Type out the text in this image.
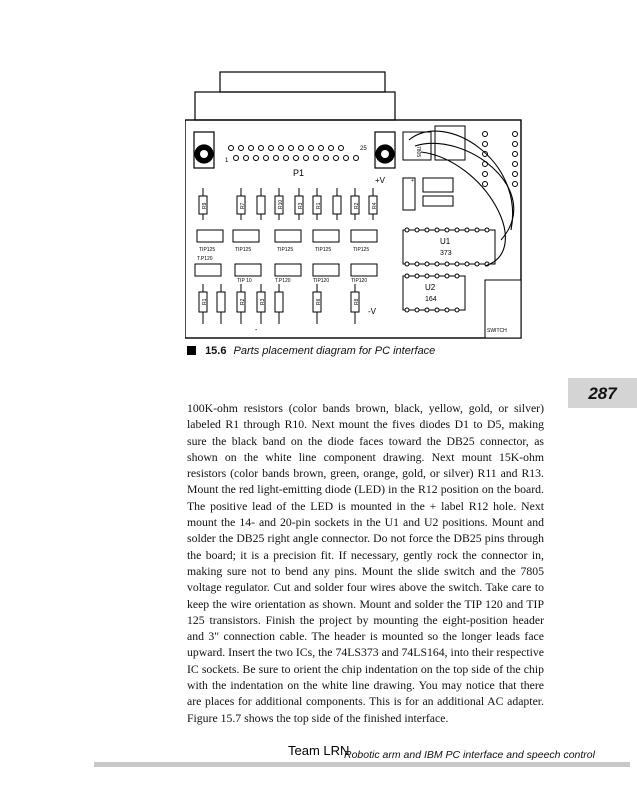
1
25
P1
+V
R9	R7	R10	R3 R1	R2 R4
TIP125	TIP125	TIP125	TIP125	TIP125
T.P120
TIP 10	T.P120	TIP120	TIP120
R1	R2	R3	R6	R8
-
-V
7805
+
SWITCH
U1
373
U2
164
15.6 Parts placement diagram for PC interface
287

100K-ohm resistors (color bands brown, black, yellow, gold, or silver) labeled R1 through R10. Next mount the fives diodes D1 to D5, making sure the black band on the diode faces toward the DB25 connector, as shown on the white line component drawing. Next mount 15K-ohm resistors (color bands brown, green, orange, gold, or silver) R11 and R13. Mount the red light-emitting diode (LED) in the R12 position on the board. The positive lead of the LED is mounted in the + label R12 hole. Next mount the 14- and 20-pin sockets in the U1 and U2 positions. Mount and solder the DB25 right angle connector. Do not force the DB25 pins through the board; it is a precision fit. If necessary, gently rock the connector in, making sure not to bend any pins. Mount the slide switch and the 7805 voltage regulator. Cut and solder four wires above the switch. Take care to keep the wire orientation as shown. Mount and solder the TIP 120 and TIP 125 transistors. Finish the project by mounting the eight-position header and 3" connection cable. The header is mounted so the longer leads face upward. Insert the two ICs, the 74LS373 and 74LS164, into their respective IC sockets. Be sure to orient the chip indentation on the top side of the chip with the indentation on the white line drawing. You may notice that there are places for additional components. This is for an additional AC adapter. Figure 15.7 shows the top side of the finished interface.

Team LRN
Robotic arm and IBM PC interface and speech control
